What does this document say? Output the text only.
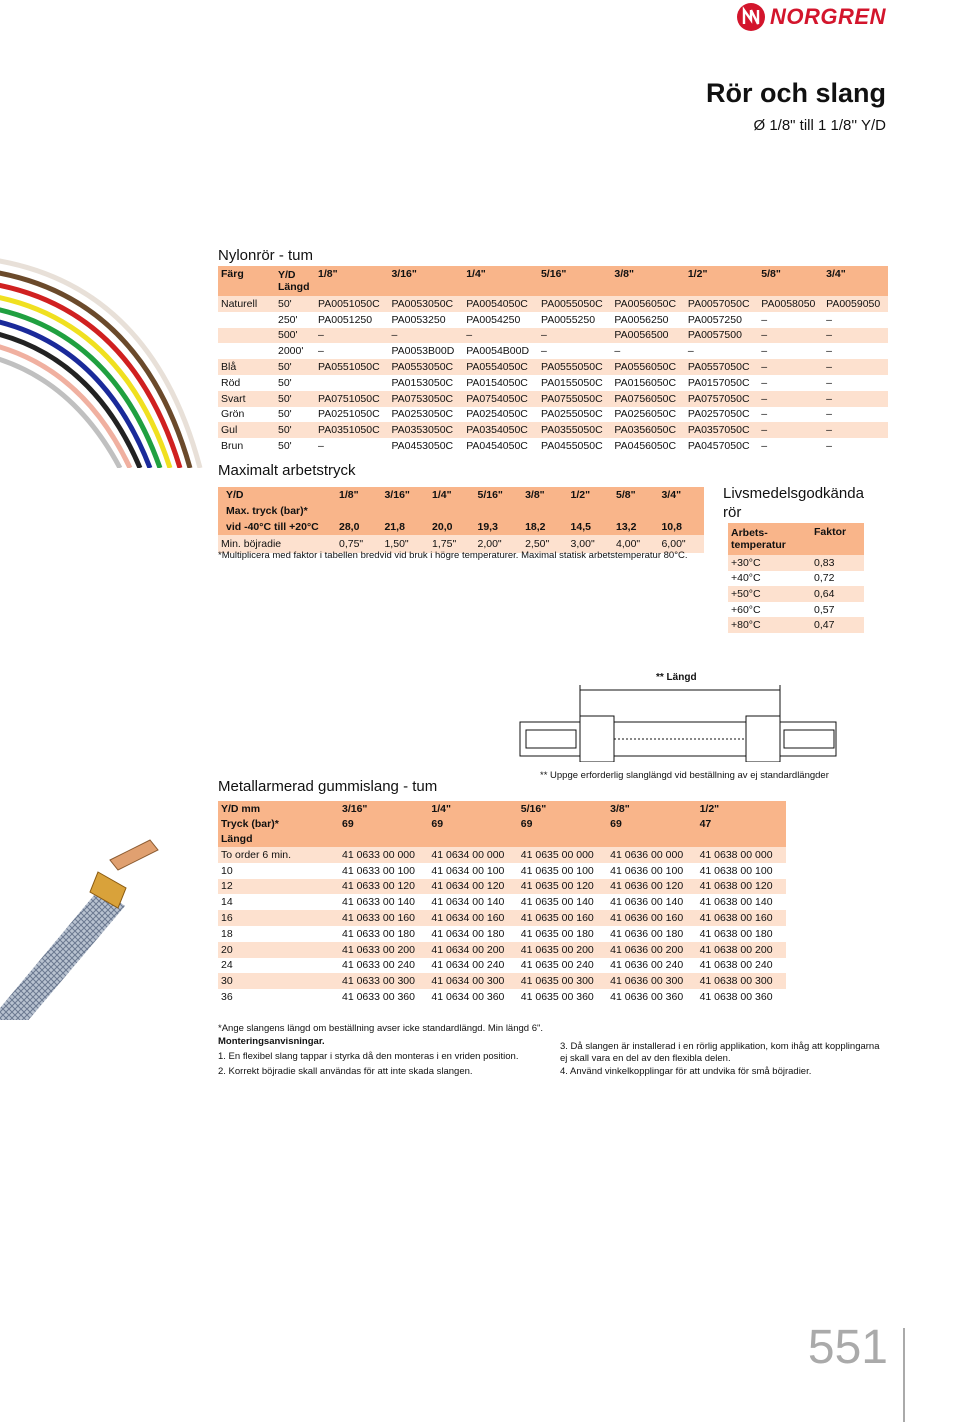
NORGREN
Rör och slang
Ø 1/8" till 1 1/8'' Y/D
Nylonrör - tum
Färg	Y/D
Längd	1/8"	3/16"	1/4"	5/16"	3/8"	1/2"	5/8"	3/4"
Naturell	50'	PA0051050C	PA0053050C	PA0054050C	PA0055050C	PA0056050C	PA0057050C	PA0058050	PA0059050
	250'	PA0051250	PA0053250	PA0054250	PA0055250	PA0056250	PA0057250	–	–
	500'	–	–	–	–	PA0056500	PA0057500	–	–
	2000'	–	PA0053B00D	PA0054B00D	–	–	–	–	–
Blå	50'	PA0551050C	PA0553050C	PA0554050C	PA0555050C	PA0556050C	PA0557050C	–	–
Röd	50'		PA0153050C	PA0154050C	PA0155050C	PA0156050C	PA0157050C	–	–
Svart	50'	PA0751050C	PA0753050C	PA0754050C	PA0755050C	PA0756050C	PA0757050C	–	–
Grön	50'	PA0251050C	PA0253050C	PA0254050C	PA0255050C	PA0256050C	PA0257050C	–	–
Gul	50'	PA0351050C	PA0353050C	PA0354050C	PA0355050C	PA0356050C	PA0357050C	–	–
Brun	50'	–	PA0453050C	PA0454050C	PA0455050C	PA0456050C	PA0457050C	–	–
Maximalt arbetstryck
Y/D	1/8"	3/16"	1/4"	5/16"	3/8"	1/2"	5/8"	3/4"
Max. tryck (bar)*								
vid -40°C till +20°C	28,0	21,8	20,0	19,3	18,2	14,5	13,2	10,8
Min. böjradie	0,75"	1,50"	1,75"	2,00"	2,50"	3,00"	4,00"	6,00"
*Multiplicera med faktor i tabellen bredvid vid bruk i högre temperaturer. Maximal statisk arbetstemperatur 80°C.
Livsmedelsgodkända rör
Arbets-
temperatur	Faktor
+30°C	0,83
+40°C	0,72
+50°C	0,64
+60°C	0,57
+80°C	0,47
** Längd
** Uppge erforderlig slanglängd vid beställning av ej standardlängder
Metallarmerad gummislang - tum
Y/D mm	3/16"	1/4"	5/16"	3/8"	1/2"
Tryck (bar)*	69	69	69	69	47
Längd					
To order 6 min.	41 0633 00 000	41 0634 00 000	41 0635 00 000	41 0636 00 000	41 0638 00 000
10	41 0633 00 100	41 0634 00 100	41 0635 00 100	41 0636 00 100	41 0638 00 100
12	41 0633 00 120	41 0634 00 120	41 0635 00 120	41 0636 00 120	41 0638 00 120
14	41 0633 00 140	41 0634 00 140	41 0635 00 140	41 0636 00 140	41 0638 00 140
16	41 0633 00 160	41 0634 00 160	41 0635 00 160	41 0636 00 160	41 0638 00 160
18	41 0633 00 180	41 0634 00 180	41 0635 00 180	41 0636 00 180	41 0638 00 180
20	41 0633 00 200	41 0634 00 200	41 0635 00 200	41 0636 00 200	41 0638 00 200
24	41 0633 00 240	41 0634 00 240	41 0635 00 240	41 0636 00 240	41 0638 00 240
30	41 0633 00 300	41 0634 00 300	41 0635 00 300	41 0636 00 300	41 0638 00 300
36	41 0633 00 360	41 0634 00 360	41 0635 00 360	41 0636 00 360	41 0638 00 360
*Ange slangens längd om beställning avser icke standardlängd. Min längd 6".
Monteringsanvisningar.
1. En flexibel slang tappar i styrka då den monteras i en vriden position.
2. Korrekt böjradie skall användas för att inte skada slangen.
3. Då slangen är installerad i en rörlig applikation, kom ihåg att kopplingarna ej skall vara en del av den flexibla delen.
4. Använd vinkelkopplingar för att undvika för små böjradier.
551
